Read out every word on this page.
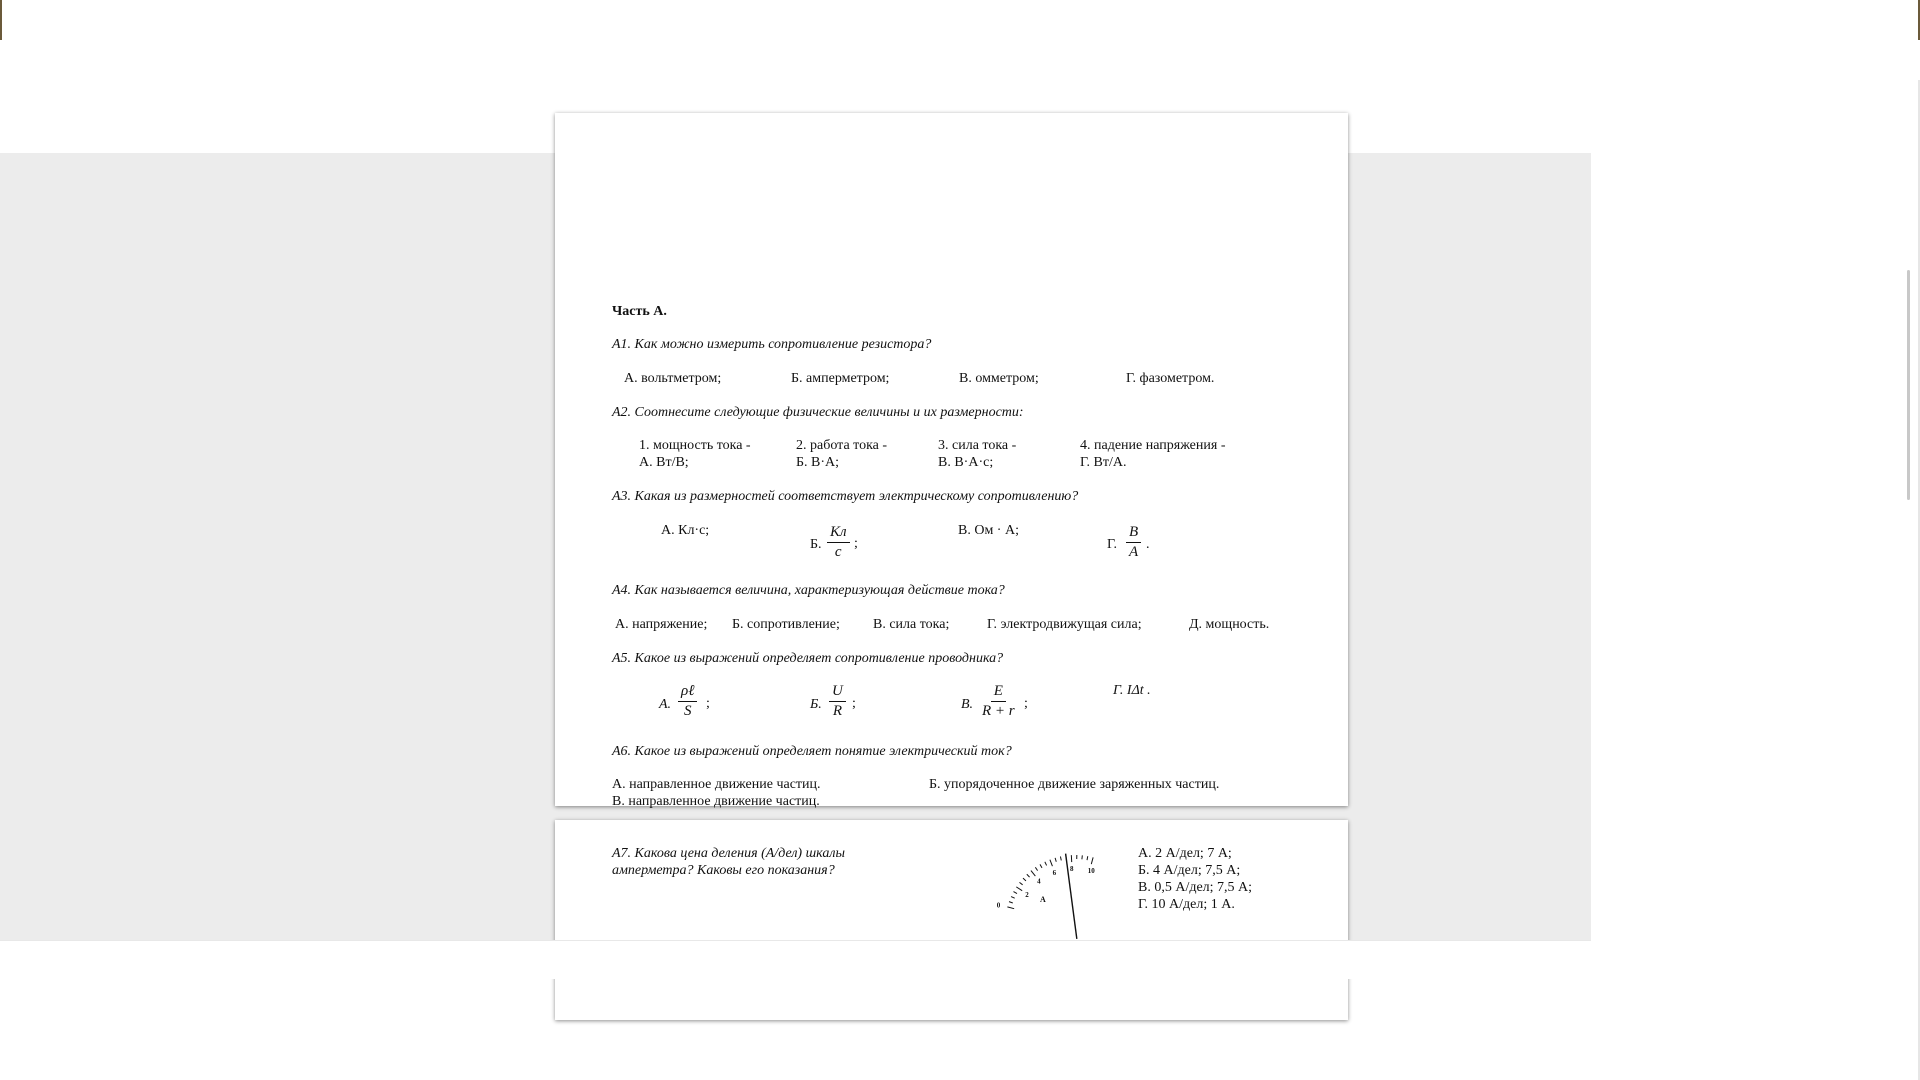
Часть А.
А1. Как можно измерить сопротивление резистора?
А. вольтметром;	Б. амперметром;	В. омметром;	Г. фазометром.
А2. Соотнесите следующие физические величины и их размерности:
1. мощность тока -	2. работа тока -	3. сила тока -	4. падение напряжения -
А. Вт/В;	Б. В·А;	В. В·А·с;	Г. Вт/А.
А3. Какая из размерностей соответствует электрическому сопротивлению?
А. Кл·с;
Б.
Кл
с
;
В. Ом · А;
Г.
В
А .
А4. Как называется величина, характеризующая действие тока?
А. напряжение; Б. сопротивление; В. сила тока;	Г. электродвижущая сила;	Д. мощность.
А5. Какое из выражений определяет сопротивление проводника?
А.
ρℓ
S ;	Б. $\frac{U}{R}$ ;	В. $\frac{E}{R + r}$ ;
Г. IΔt .
А6. Какое из выражений определяет понятие электрический ток?
А. направленное движение частиц.	Б. упорядоченное движение заряженных частиц.
В. направленное движение частиц.
А7. Какова цена деления (А/дел) шкалы
амперметра? Каковы его показания?
0
2
4
6 8 10
A
А. 2 А/дел; 7 А;
Б. 4 А/дел; 7,5 А;
В. 0,5 А/дел; 7,5 А;
Г. 10 А/дел; 1 А.
